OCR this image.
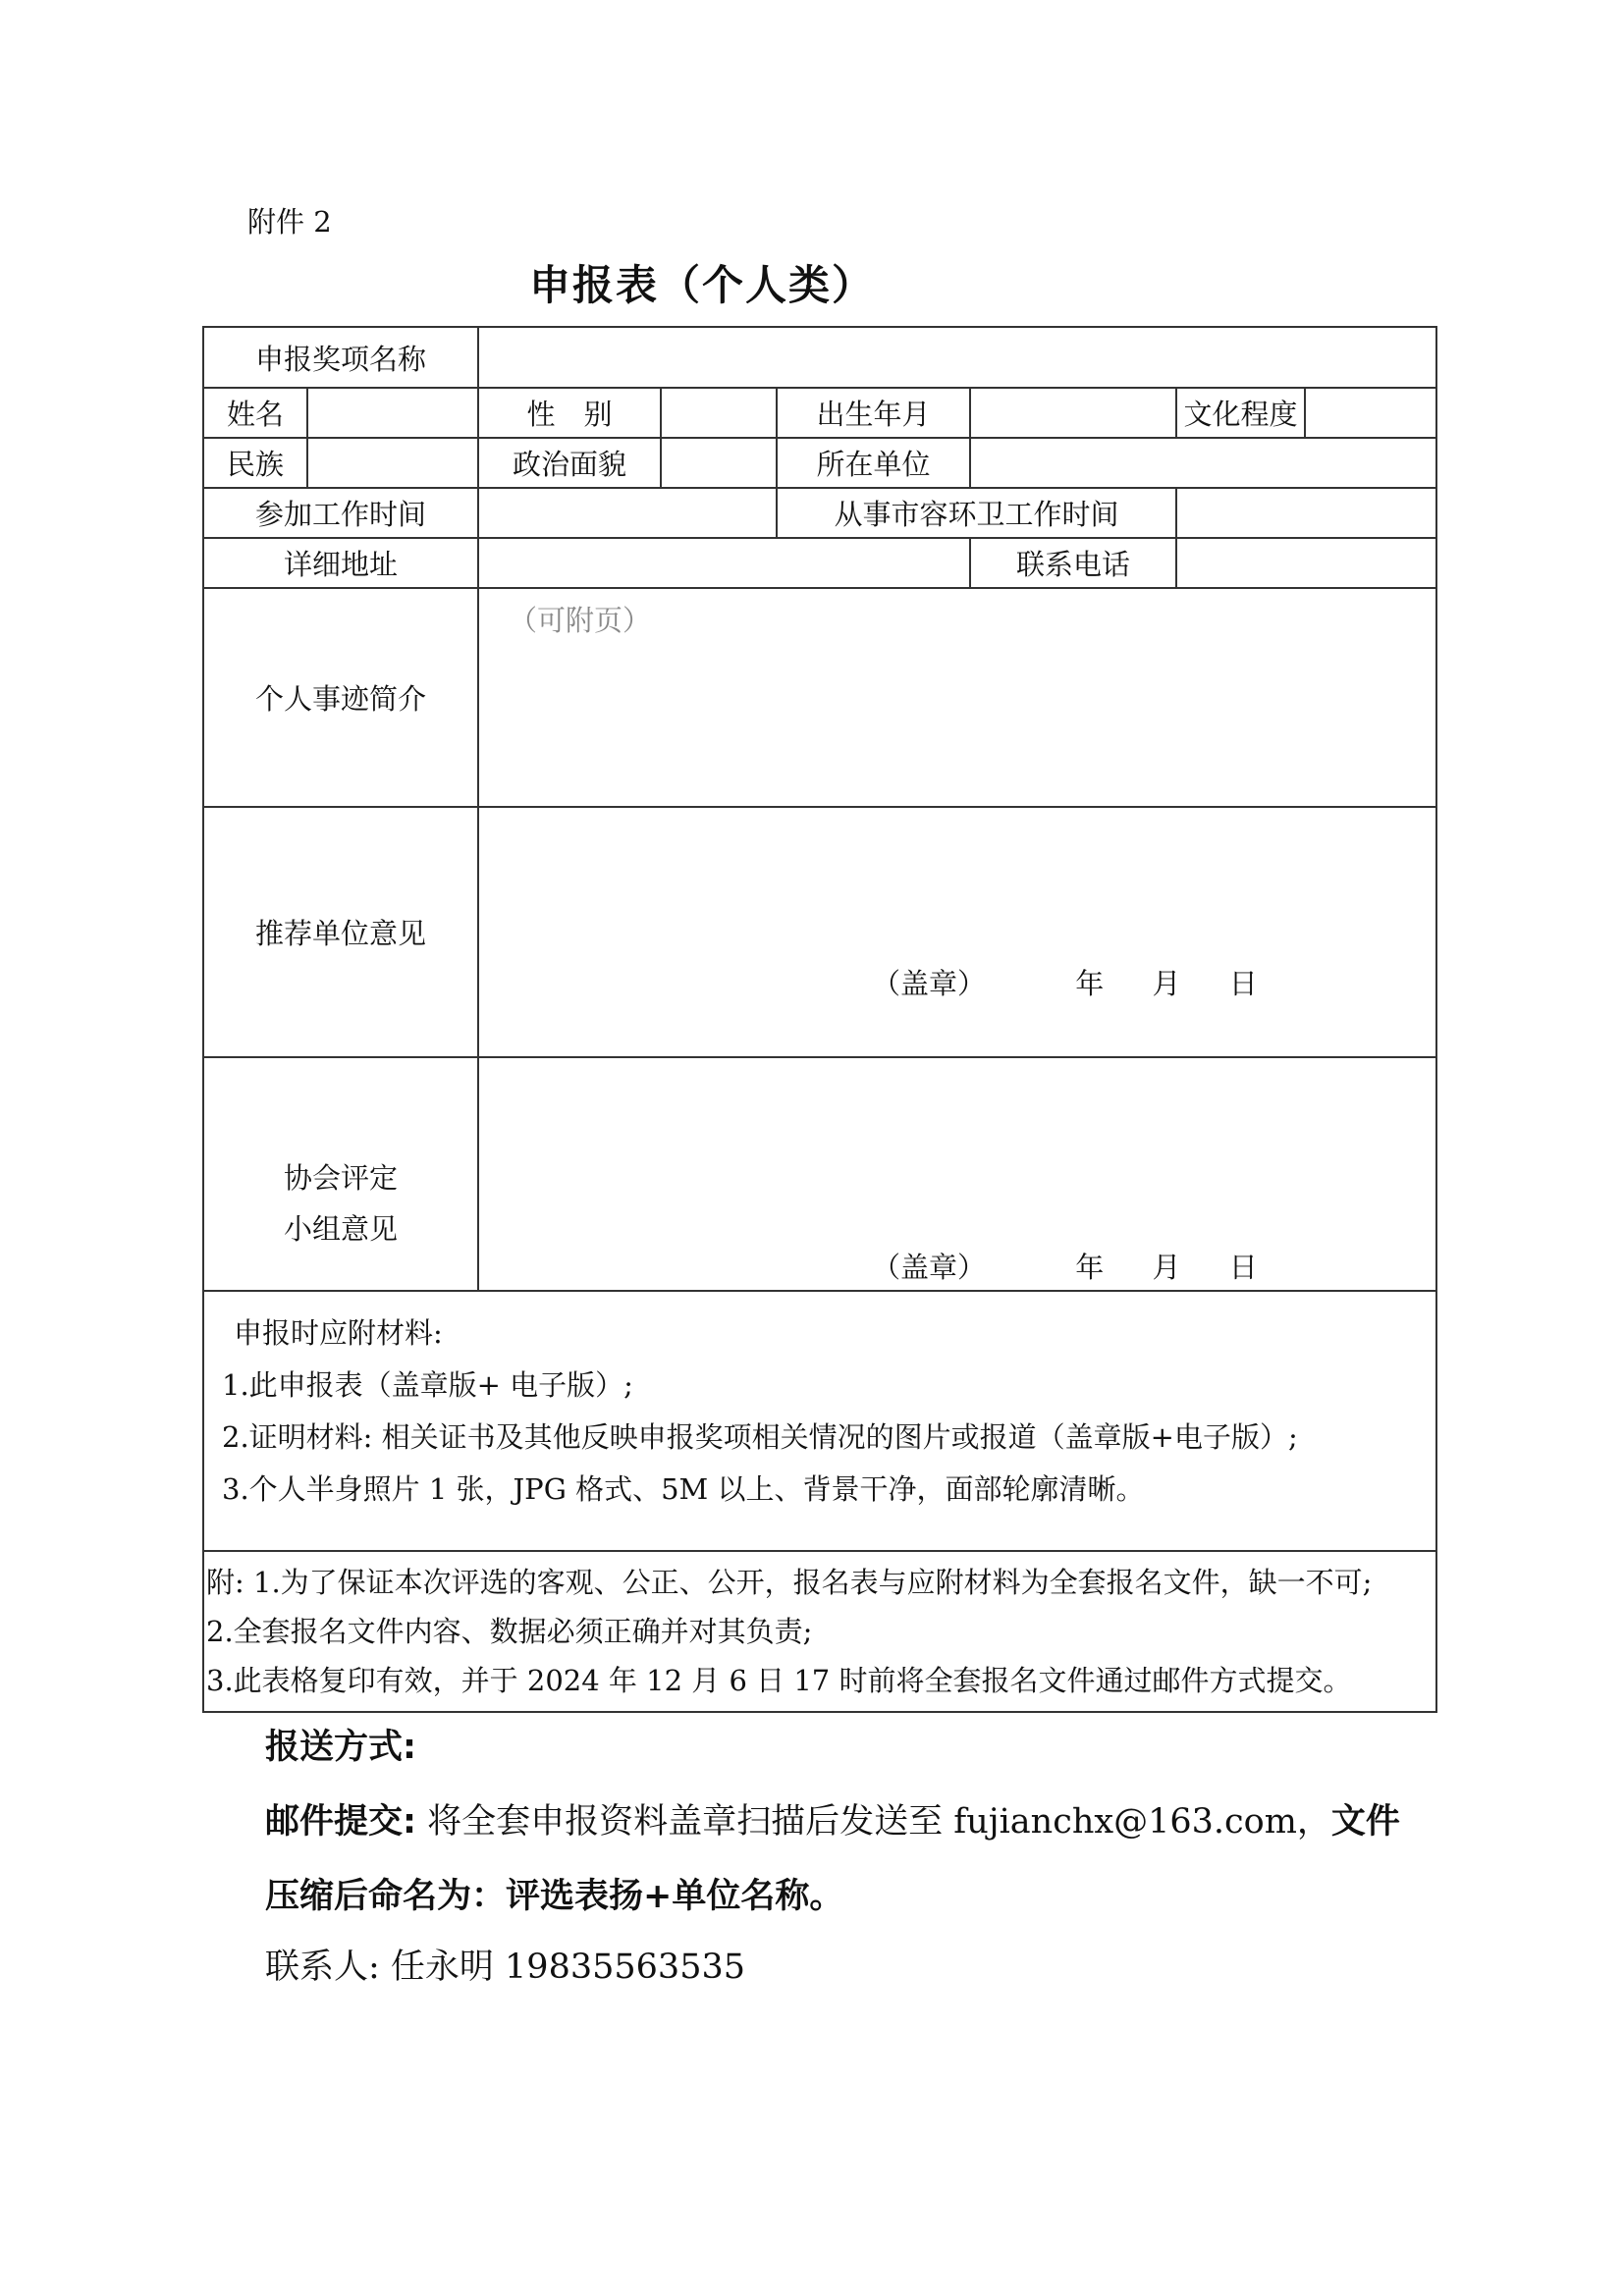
附件 2
申报表（个人类）
申报奖项名称							
姓名		性　别		出生年月		文化程度	
民族		政治面貌		所在单位			
参加工作时间				从事市容环卫工作时间			
详细地址					联系电话		
个人事迹简介		（可附页）					

推荐单位意见		（盖章） 年 月 日					

协会评定
小组意见		（盖章） 年 月 日					

申报时应附材料:
1.此申报表（盖章版+ 电子版）;
2.证明材料: 相关证书及其他反映申报奖项相关情况的图片或报道（盖章版+电子版）;
3.个人半身照片 1 张，JPG 格式、5M 以上、背景干净，面部轮廓清晰。							

附: 1.为了保证本次评选的客观、公正、公开，报名表与应附材料为全套报名文件，缺一不可;
2.全套报名文件内容、数据必须正确并对其负责;
3.此表格复印有效，并于 2024 年 12 月 6 日 17 时前将全套报名文件通过邮件方式提交。							
报送方式:
邮件提交: 将全套申报资料盖章扫描后发送至 fujianchx@163.com，文件
压缩后命名为：评选表扬+单位名称。
联系人: 任永明 19835563535
